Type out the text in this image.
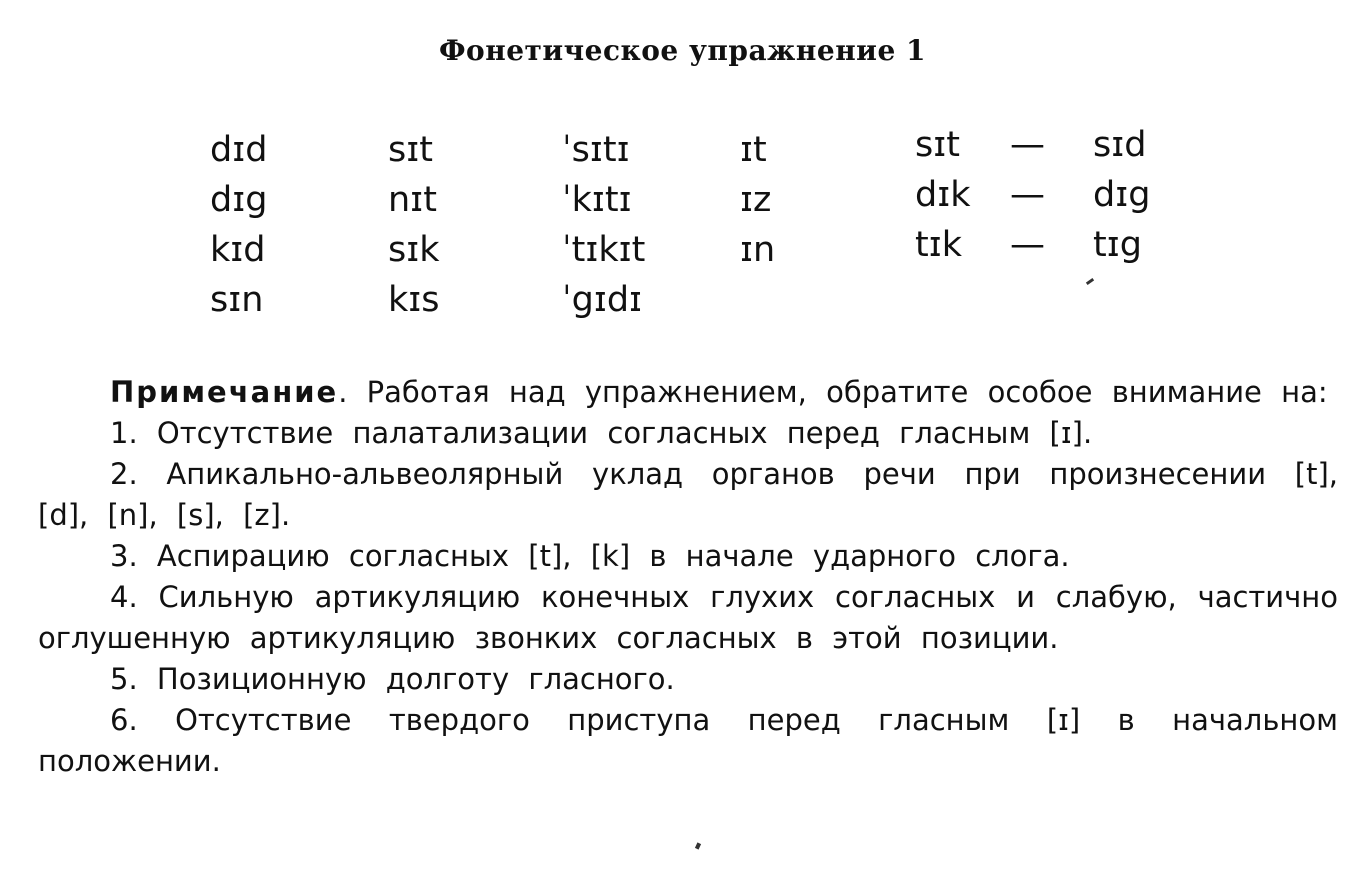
Фонетическое упражнение 1
dɪd
dɪg
kɪd
sɪn
sɪt
nɪt
sɪk
kɪs
ˈsɪtɪ
ˈkɪtɪ
ˈtɪkɪt
ˈgɪdɪ
ɪt
ɪz
ɪn
sɪt — sɪd
dɪk — dɪg
tɪk — tɪg

Примечание. Работая над упражнением, обратите особое внимание на:

1. Отсутствие палатализации согласных перед гласным [ɪ].

2. Апикально-альвеолярный уклад органов речи при произнесении [t], [d], [n], [s], [z].

3. Аспирацию согласных [t], [k] в начале ударного слога.

4. Сильную артикуляцию конечных глухих согласных и слабую, частично оглушенную артикуляцию звонких согласных в этой позиции.

5. Позиционную долготу гласного.

6. Отсутствие твердого приступа перед гласным [ɪ] в начальном положении.
